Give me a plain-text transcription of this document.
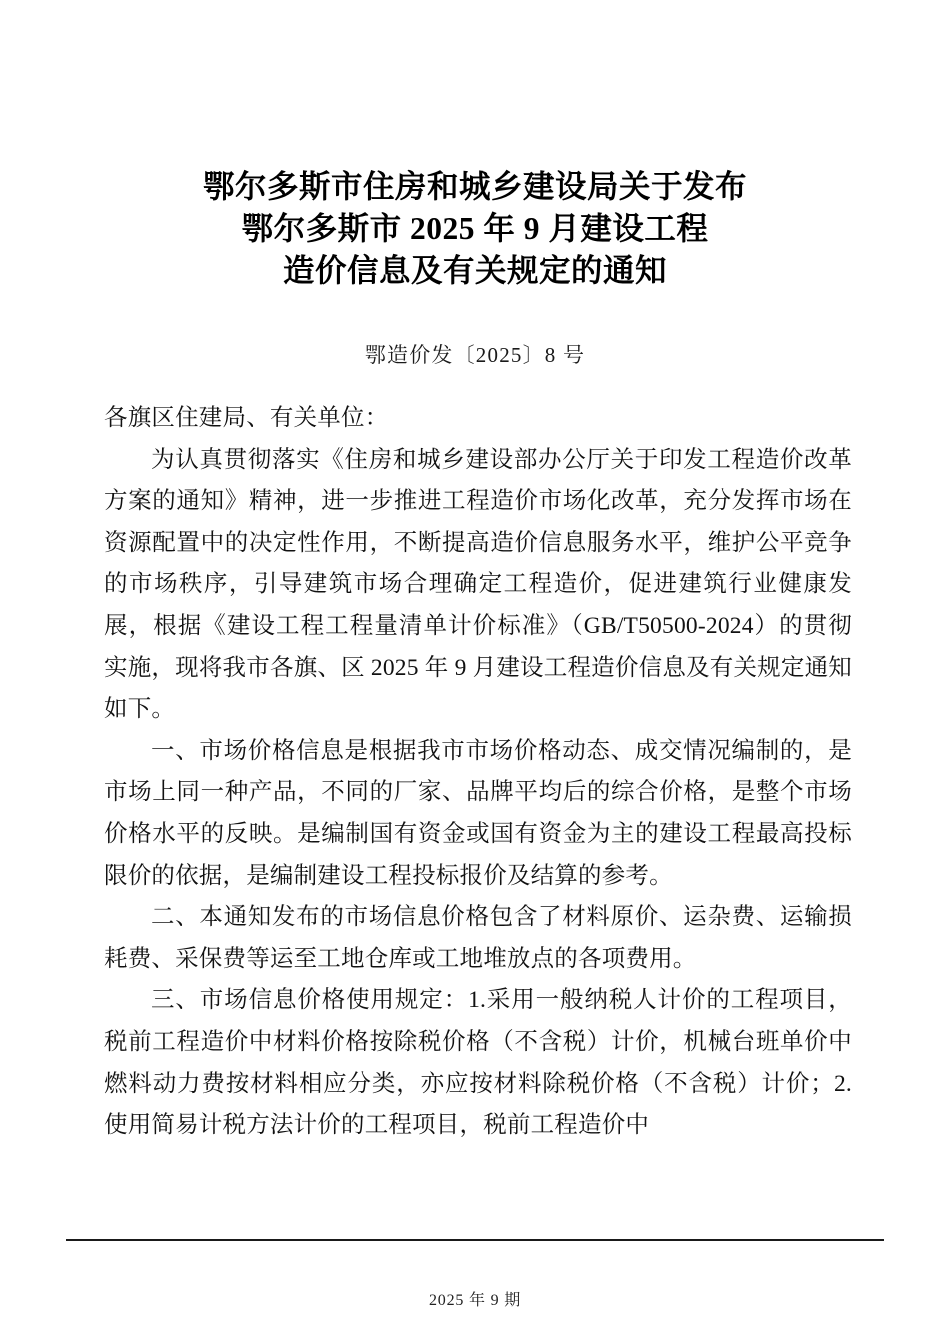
鄂尔多斯市住房和城乡建设局关于发布
鄂尔多斯市 2025 年 9 月建设工程
造价信息及有关规定的通知
鄂造价发〔2025〕8 号

各旗区住建局、有关单位：

为认真贯彻落实《住房和城乡建设部办公厅关于印发工程造价改革方案的通知》精神，进一步推进工程造价市场化改革，充分发挥市场在资源配置中的决定性作用，不断提高造价信息服务水平，维护公平竞争的市场秩序，引导建筑市场合理确定工程造价，促进建筑行业健康发展，根据《建设工程工程量清单计价标准》（GB/T50500-2024）的贯彻实施，现将我市各旗、区 2025 年 9 月建设工程造价信息及有关规定通知如下。

一、市场价格信息是根据我市市场价格动态、成交情况编制的，是市场上同一种产品，不同的厂家、品牌平均后的综合价格，是整个市场价格水平的反映。是编制国有资金或国有资金为主的建设工程最高投标限价的依据，是编制建设工程投标报价及结算的参考。

二、本通知发布的市场信息价格包含了材料原价、运杂费、运输损耗费、采保费等运至工地仓库或工地堆放点的各项费用。

三、市场信息价格使用规定：1.采用一般纳税人计价的工程项目，税前工程造价中材料价格按除税价格（不含税）计价，机械台班单价中燃料动力费按材料相应分类，亦应按材料除税价格（不含税）计价；2.使用简易计税方法计价的工程项目，税前工程造价中

2025 年 9 期
